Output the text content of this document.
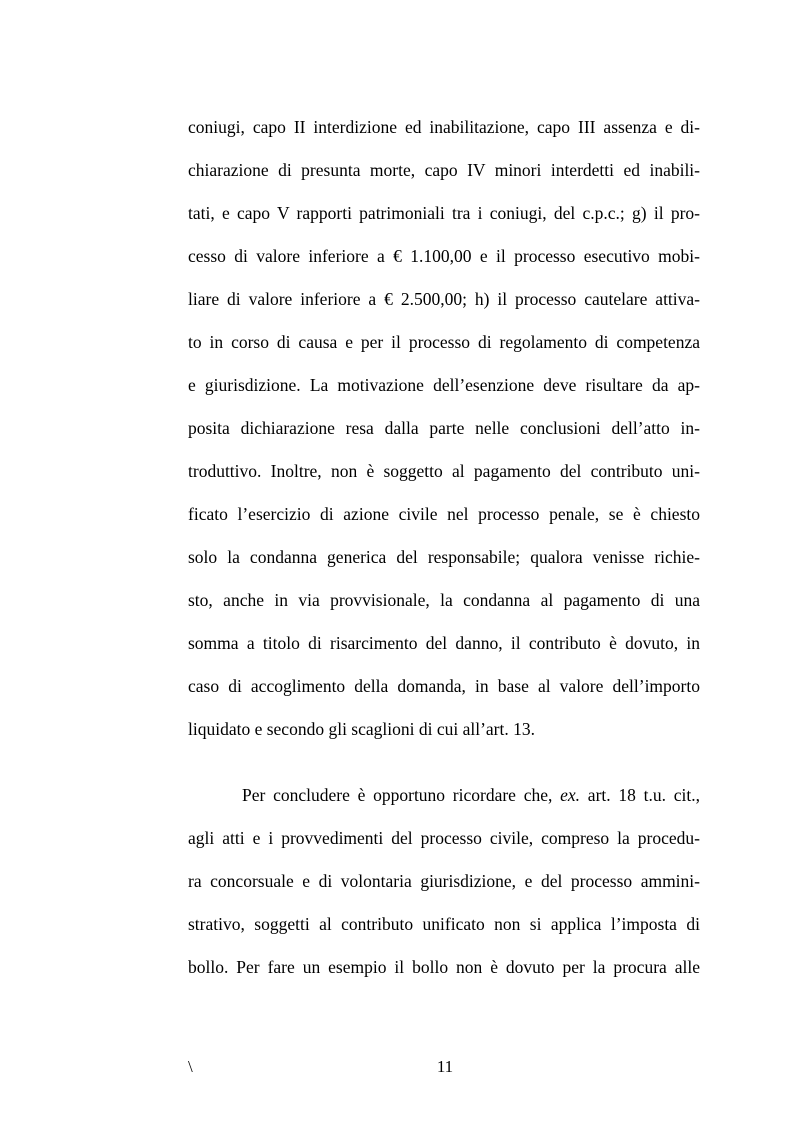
coniugi, capo II interdizione ed inabilitazione, capo III assenza e di-
chiarazione di presunta morte, capo IV minori interdetti ed inabili-
tati, e capo V rapporti patrimoniali tra i coniugi, del c.p.c.; g) il pro-
cesso di valore inferiore a € 1.100,00 e il processo esecutivo mobi-
liare di valore inferiore a € 2.500,00; h) il processo cautelare attiva-
to in corso di causa e per il processo di regolamento di competenza
e giurisdizione. La motivazione dell’esenzione deve risultare da ap-
posita dichiarazione resa dalla parte nelle conclusioni dell’atto in-
troduttivo. Inoltre, non è soggetto al pagamento del contributo uni-
ficato l’esercizio di azione civile nel processo penale, se è chiesto
solo la condanna generica del responsabile; qualora venisse richie-
sto, anche in via provvisionale, la condanna al pagamento di una
somma a titolo di risarcimento del danno, il contributo è dovuto, in
caso di accoglimento della domanda, in base al valore dell’importo
liquidato e secondo gli scaglioni di cui all’art. 13.
Per concludere è opportuno ricordare che, ex. art. 18 t.u. cit.,
agli atti e i provvedimenti del processo civile, compreso la procedu-
ra concorsuale e di volontaria giurisdizione, e del processo ammini-
strativo, soggetti al contributo unificato non si applica l’imposta di
bollo. Per fare un esempio il bollo non è dovuto per la procura alle
\	11
